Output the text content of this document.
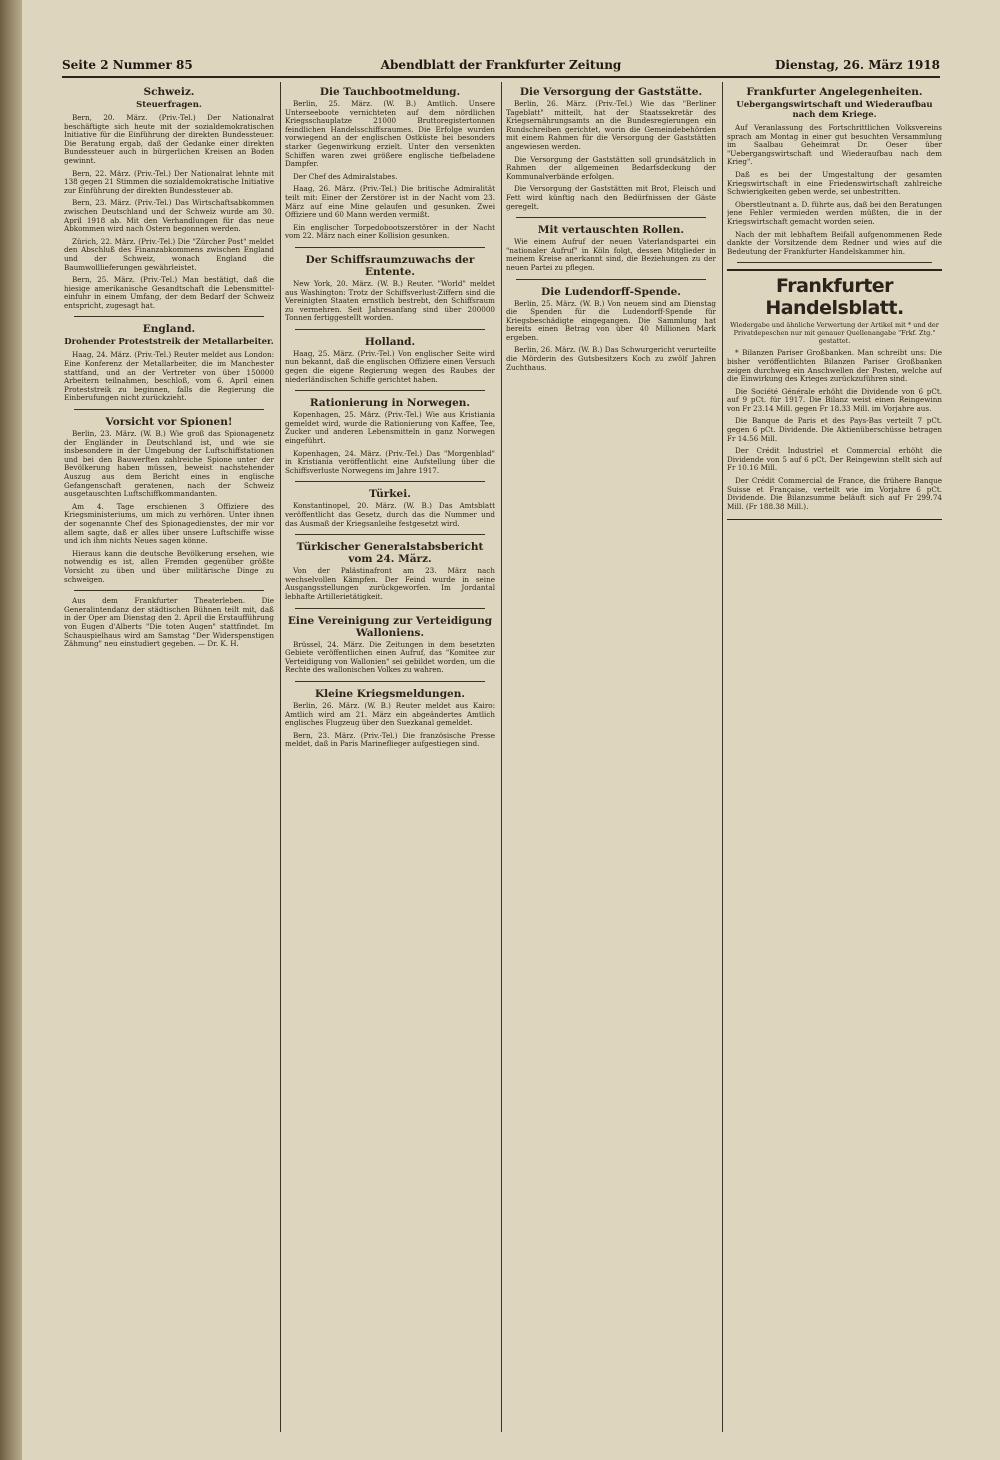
Seite 2 Nummer 85	Abendblatt der Frankfurter Zeitung	Dienstag, 26. März 1918
Schweiz.
Steuerfragen.

Bern, 20. März. (Priv.-Tel.) Der Nationalrat beschäftigte sich heute mit der sozialdemokratischen Initiative für die Einführung der direkten Bundessteuer. Die Beratung ergab, daß der Gedanke einer direkten Bundessteuer auch in bürgerlichen Kreisen an Boden gewinnt.

Bern, 22. März. (Priv.-Tel.) Der Nationalrat lehnte mit 138 gegen 21 Stimmen die sozialdemokratische Initiative zur Einführung der direkten Bundessteuer ab.

Bern, 23. März. (Priv.-Tel.) Das Wirtschaftsabkommen zwischen Deutschland und der Schweiz wurde am 30. April 1918 ab. Mit den Verhandlungen für das neue Abkommen wird nach Ostern begonnen werden.

Zürich, 22. März. (Priv.-Tel.) Die "Zürcher Post" meldet den Abschluß des Finanzabkommens zwischen England und der Schweiz, wonach England die Baumwolllieferungen gewährleistet.

Bern, 25. März. (Priv.-Tel.) Man bestätigt, daß die hiesige amerikanische Gesandtschaft die Lebensmittel-einfuhr in einem Umfang, der dem Bedarf der Schweiz entspricht, zugesagt hat.

England.
Drohender Proteststreik der Metallarbeiter.

Haag, 24. März. (Priv.-Tel.) Reuter meldet aus London: Eine Konferenz der Metallarbeiter, die im Manchester stattfand, und an der Vertreter von über 150000 Arbeitern teilnahmen, beschloß, vom 6. April einen Proteststreik zu beginnen, falls die Regierung die Einberufungen nicht zurückzieht.

Vorsicht vor Spionen!

Berlin, 23. März. (W. B.) Wie groß das Spionagenetz der Engländer in Deutschland ist, und wie sie insbesondere in der Umgebung der Luftschiffstationen und bei den Bauwerften zahlreiche Spione unter der Bevölkerung haben müssen, beweist nachstehender Auszug aus dem Bericht eines in englische Gefangenschaft geratenen, nach der Schweiz ausgetauschten Luftschiffkommandanten.

Am 4. Tage erschienen 3 Offiziere des Kriegsministeriums, um mich zu verhören. Unter ihnen der sogenannte Chef des Spionagedienstes, der mir vor allem sagte, daß er alles über unsere Luftschiffe wisse und ich ihm nichts Neues sagen könne.

Hieraus kann die deutsche Bevölkerung ersehen, wie notwendig es ist, allen Fremden gegenüber größte Vorsicht zu üben und über militärische Dinge zu schweigen.

Aus dem Frankfurter Theaterleben. Die Generalintendanz der städtischen Bühnen teilt mit, daß in der Oper am Dienstag den 2. April die Erstaufführung von Eugen d'Alberts "Die toten Augen" stattfindet. Im Schauspielhaus wird am Samstag "Der Widerspenstigen Zähmung" neu einstudiert gegeben. — Dr. K. H.

Die Tauchbootmeldung.

Berlin, 25. März. (W. B.) Amtlich. Unsere Unterseeboote vernichteten auf dem nördlichen Kriegsschauplatze 21000 Bruttoregistertonnen feindlichen Handelsschiffsraumes. Die Erfolge wurden vorwiegend an der englischen Ostküste bei besonders starker Gegenwirkung erzielt. Unter den versenkten Schiffen waren zwei größere englische tiefbeladene Dampfer.

Der Chef des Admiralstabes.

Haag, 26. März. (Priv.-Tel.) Die britische Admiralität teilt mit: Einer der Zerstörer ist in der Nacht vom 23. März auf eine Mine gelaufen und gesunken. Zwei Offiziere und 60 Mann werden vermißt.

Ein englischer Torpedobootszerstörer in der Nacht vom 22. März nach einer Kollision gesunken.

Der Schiffsraumzuwachs der Entente.

New York, 20. März. (W. B.) Reuter. "World" meldet aus Washington: Trotz der Schiffsverlust-Ziffern sind die Vereinigten Staaten ernstlich bestrebt, den Schiffsraum zu vermehren. Seit Jahresanfang sind über 200000 Tonnen fertiggestellt worden.

Holland.

Haag, 25. März. (Priv.-Tel.) Von englischer Seite wird nun bekannt, daß die englischen Offiziere einen Versuch gegen die eigene Regierung wegen des Raubes der niederländischen Schiffe gerichtet haben.

Rationierung in Norwegen.

Kopenhagen, 25. März. (Priv.-Tel.) Wie aus Kristiania gemeldet wird, wurde die Rationierung von Kaffee, Tee, Zucker und anderen Lebensmitteln in ganz Norwegen eingeführt.

Kopenhagen, 24. März. (Priv.-Tel.) Das "Morgenblad" in Kristiania veröffentlicht eine Aufstellung über die Schiffsverluste Norwegens im Jahre 1917.

Türkei.

Konstantinopel, 20. März. (W. B.) Das Amtsblatt veröffentlicht das Gesetz, durch das die Nummer und das Ausmaß der Kriegsanleihe festgesetzt wird.

Türkischer Generalstabsbericht vom 24. März.

Von der Palästinafront am 23. März nach wechselvollen Kämpfen. Der Feind wurde in seine Ausgangsstellungen zurückgeworfen. Im Jordantal lebhafte Artillerietätigkeit.

Eine Vereinigung zur Verteidigung Walloniens.

Brüssel, 24. März. Die Zeitungen in dem besetzten Gebiete veröffentlichen einen Aufruf, das "Komitee zur Verteidigung von Wallonien" sei gebildet worden, um die Rechte des wallonischen Volkes zu wahren.

Kleine Kriegsmeldungen.

Berlin, 26. März. (W. B.) Reuter meldet aus Kairo: Amtlich wird am 21. März ein abgeändertes Amtlich englisches Flugzeug über den Suezkanal gemeldet.

Bern, 23. März. (Priv.-Tel.) Die französische Presse meldet, daß in Paris Marineflieger aufgestiegen sind.

Die Versorgung der Gaststätte.

Berlin, 26. März. (Priv.-Tel.) Wie das "Berliner Tageblatt" mitteilt, hat der Staatssekretär des Kriegsernährungsamts an die Bundesregierungen ein Rundschreiben gerichtet, worin die Gemeindebehörden mit einem Rahmen für die Versorgung der Gaststätten angewiesen werden.

Die Versorgung der Gaststätten soll grundsätzlich in Rahmen der allgemeinen Bedarfsdeckung der Kommunalverbände erfolgen.

Die Versorgung der Gaststätten mit Brot, Fleisch und Fett wird künftig nach den Bedürfnissen der Gäste geregelt.

Mit vertauschten Rollen.

Wie einem Aufruf der neuen Vaterlandspartei ein "nationaler Aufruf" in Köln folgt, dessen Mitglieder in meinem Kreise anerkannt sind, die Beziehungen zu der neuen Partei zu pflegen.

Die Ludendorff-Spende.

Berlin, 25. März. (W. B.) Von neuem sind am Dienstag die Spenden für die Ludendorff-Spende für Kriegsbeschädigte eingegangen. Die Sammlung hat bereits einen Betrag von über 40 Millionen Mark ergeben.

Berlin, 26. März. (W. B.) Das Schwurgericht verurteilte die Mörderin des Gutsbesitzers Koch zu zwölf Jahren Zuchthaus.

Frankfurter Angelegenheiten.
Uebergangswirtschaft und Wiederaufbau nach dem Kriege.

Auf Veranlassung des Fortschrittlichen Volksvereins sprach am Montag in einer gut besuchten Versammlung im Saalbau Geheimrat Dr. Oeser über "Uebergangswirtschaft und Wiederaufbau nach dem Krieg".

Daß es bei der Umgestaltung der gesamten Kriegswirtschaft in eine Friedenswirtschaft zahlreiche Schwierigkeiten geben werde, sei unbestritten.

Oberstleutnant a. D. führte aus, daß bei den Beratungen jene Fehler vermieden werden müßten, die in der Kriegswirtschaft gemacht worden seien.

Nach der mit lebhaftem Beifall aufgenommenen Rede dankte der Vorsitzende dem Redner und wies auf die Bedeutung der Frankfurter Handelskammer hin.

Frankfurter Handelsblatt.
Wiedergabe und ähnliche Verwertung der Artikel mit * und der Privatdepeschen nur mit genauer Quellenangabe "Frkf. Ztg." gestattet.

* Bilanzen Pariser Großbanken. Man schreibt uns: Die bisher veröffentlichten Bilanzen Pariser Großbanken zeigen durchweg ein Anschwellen der Posten, welche auf die Einwirkung des Krieges zurückzuführen sind.

Die Société Générale erhöht die Dividende von 6 pCt. auf 9 pCt. für 1917. Die Bilanz weist einen Reingewinn von Fr 23.14 Mill. gegen Fr 18.33 Mill. im Vorjahre aus.

Die Banque de Paris et des Pays-Bas verteilt 7 pCt. gegen 6 pCt. Dividende. Die Aktienüberschüsse betragen Fr 14.56 Mill.

Der Crédit Industriel et Commercial erhöht die Dividende von 5 auf 6 pCt. Der Reingewinn stellt sich auf Fr 10.16 Mill.

Der Crédit Commercial de France, die frühere Banque Suisse et Française, verteilt wie im Vorjahre 6 pCt. Dividende. Die Bilanzsumme beläuft sich auf Fr 299.74 Mill. (Fr 188.38 Mill.).
